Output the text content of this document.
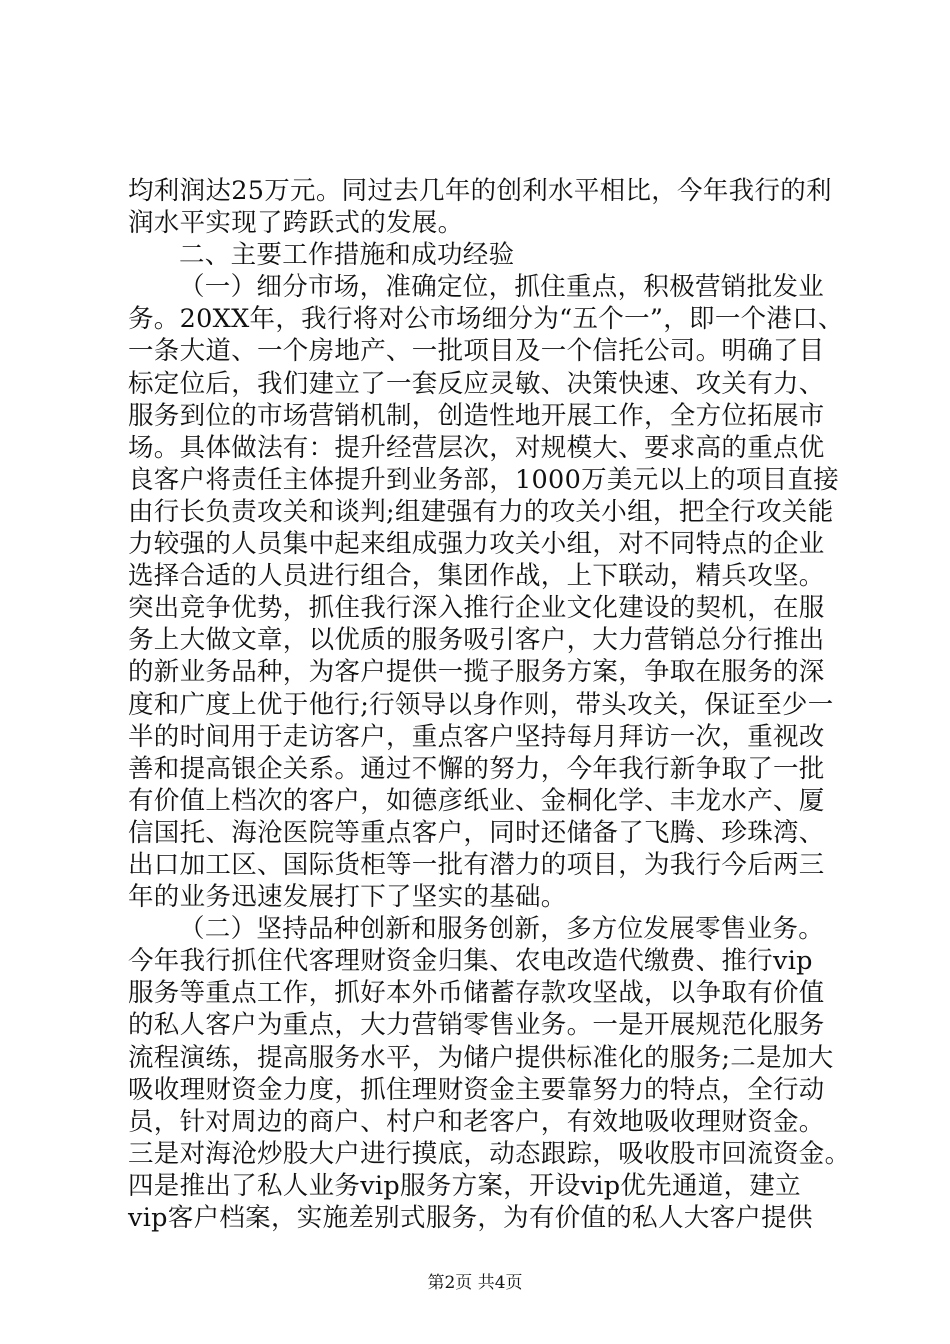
均利润达25万元。同过去几年的创利水平相比，今年我行的利
润水平实现了跨跃式的发展。
二、主要工作措施和成功经验
（一）细分市场，准确定位，抓住重点，积极营销批发业
务。20XX年，我行将对公市场细分为“五个一”，即一个港口、
一条大道、一个房地产、一批项目及一个信托公司。明确了目
标定位后，我们建立了一套反应灵敏、决策快速、攻关有力、
服务到位的市场营销机制，创造性地开展工作，全方位拓展市
场。具体做法有：提升经营层次，对规模大、要求高的重点优
良客户将责任主体提升到业务部，1000万美元以上的项目直接
由行长负责攻关和谈判;组建强有力的攻关小组，把全行攻关能
力较强的人员集中起来组成强力攻关小组，对不同特点的企业
选择合适的人员进行组合，集团作战，上下联动，精兵攻坚。
突出竞争优势，抓住我行深入推行企业文化建设的契机，在服
务上大做文章，以优质的服务吸引客户，大力营销总分行推出
的新业务品种，为客户提供一揽子服务方案，争取在服务的深
度和广度上优于他行;行领导以身作则，带头攻关，保证至少一
半的时间用于走访客户，重点客户坚持每月拜访一次，重视改
善和提高银企关系。通过不懈的努力，今年我行新争取了一批
有价值上档次的客户，如德彦纸业、金桐化学、丰龙水产、厦
信国托、海沧医院等重点客户，同时还储备了飞腾、珍珠湾、
出口加工区、国际货柜等一批有潜力的项目，为我行今后两三
年的业务迅速发展打下了坚实的基础。
（二）坚持品种创新和服务创新，多方位发展零售业务。
今年我行抓住代客理财资金归集、农电改造代缴费、推行vip
服务等重点工作，抓好本外币储蓄存款攻坚战，以争取有价值
的私人客户为重点，大力营销零售业务。一是开展规范化服务
流程演练，提高服务水平，为储户提供标准化的服务;二是加大
吸收理财资金力度，抓住理财资金主要靠努力的特点，全行动
员，针对周边的商户、村户和老客户，有效地吸收理财资金。
三是对海沧炒股大户进行摸底，动态跟踪，吸收股市回流资金。
四是推出了私人业务vip服务方案，开设vip优先通道，建立
vip客户档案，实施差别式服务，为有价值的私人大客户提供
第2页 共4页
